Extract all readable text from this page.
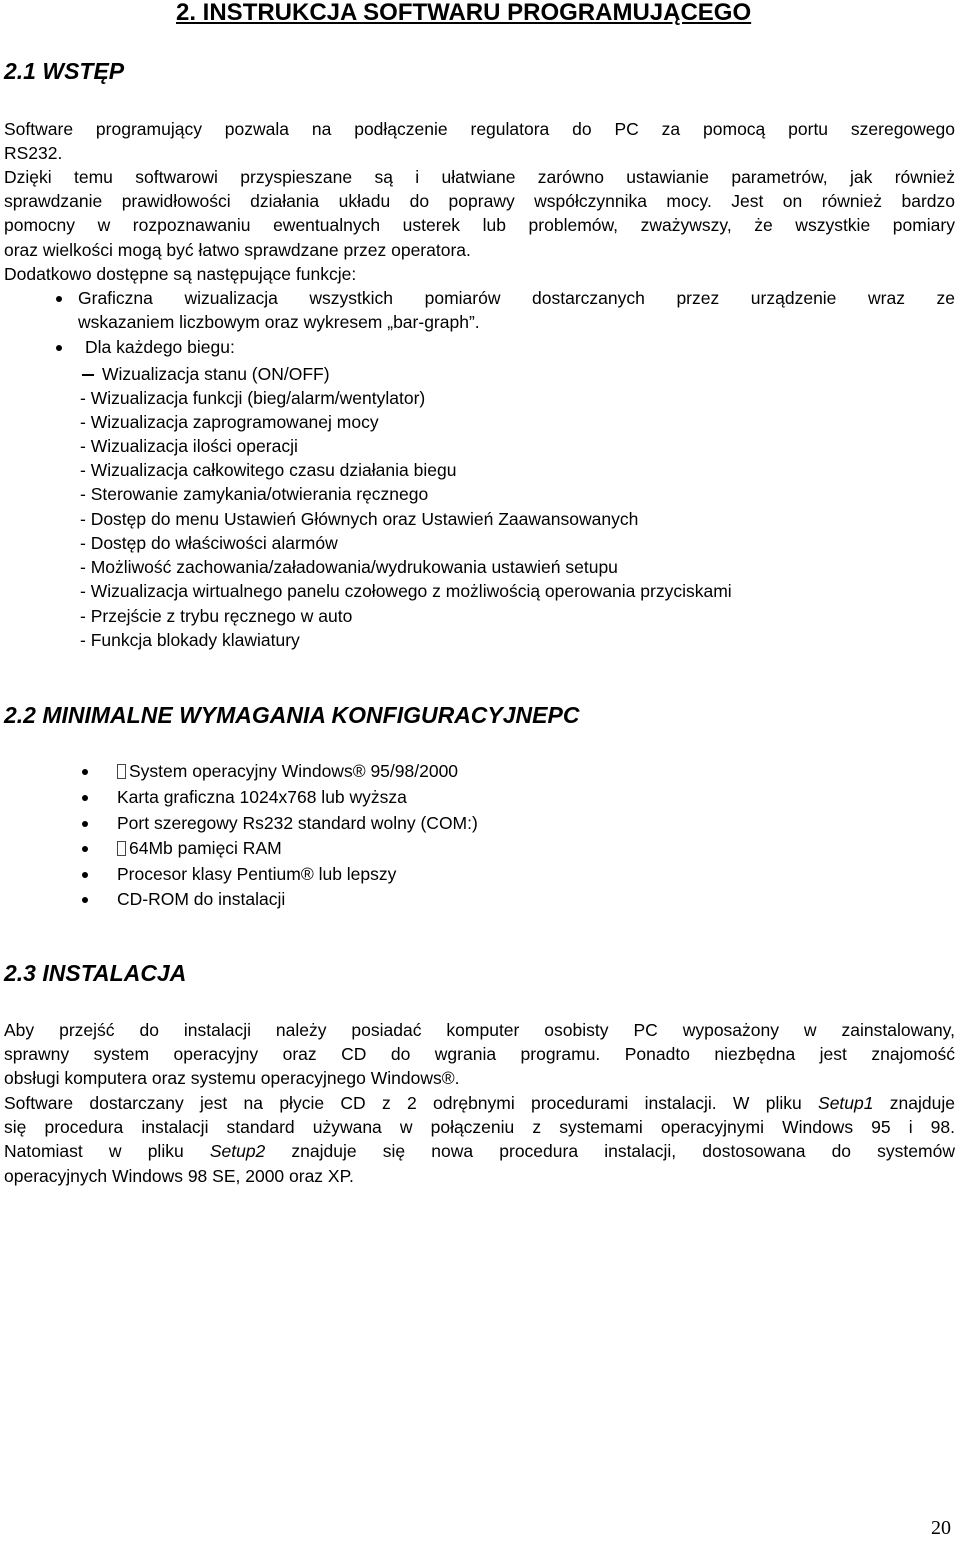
2. INSTRUKCJA SOFTWARU PROGRAMUJĄCEGO
2.1 WSTĘP
Software programujący pozwala na podłączenie regulatora do PC za pomocą portu szeregowego
RS232.
Dzięki temu softwarowi przyspieszane są i ułatwiane zarówno ustawianie parametrów, jak również
sprawdzanie prawidłowości działania układu do poprawy współczynnika mocy. Jest on również bardzo
pomocny w rozpoznawaniu ewentualnych usterek lub problemów, zważywszy, że wszystkie pomiary
oraz wielkości mogą być łatwo sprawdzane przez operatora.
Dodatkowo dostępne są następujące funkcje:
Graficzna wizualizacja wszystkich pomiarów dostarczanych przez urządzenie wraz ze
wskazaniem liczbowym oraz wykresem „bar-graph”.
Dla każdego biegu:
Wizualizacja stanu (ON/OFF)
- Wizualizacja funkcji (bieg/alarm/wentylator)
- Wizualizacja zaprogramowanej mocy
- Wizualizacja ilości operacji
- Wizualizacja całkowitego czasu działania biegu
- Sterowanie zamykania/otwierania ręcznego
- Dostęp do menu Ustawień Głównych oraz Ustawień Zaawansowanych
- Dostęp do właściwości alarmów
- Możliwość zachowania/załadowania/wydrukowania ustawień setupu
- Wizualizacja wirtualnego panelu czołowego z możliwością operowania przyciskami
- Przejście z trybu ręcznego w auto
- Funkcja blokady klawiatury
2.2 MINIMALNE WYMAGANIA KONFIGURACYJNEPC
System operacyjny Windows® 95/98/2000
Karta graficzna 1024x768 lub wyższa
Port szeregowy Rs232 standard wolny (COM:)
64Mb pamięci RAM
Procesor klasy Pentium® lub lepszy
CD-ROM do instalacji
2.3 INSTALACJA
Aby przejść do instalacji należy posiadać komputer osobisty PC wyposażony w zainstalowany,
sprawny system operacyjny oraz CD do wgrania programu. Ponadto niezbędna jest znajomość
obsługi komputera oraz systemu operacyjnego Windows®.
Software dostarczany jest na płycie CD z 2 odrębnymi procedurami instalacji. W pliku Setup1 znajduje
się procedura instalacji standard używana w połączeniu z systemami operacyjnymi Windows 95 i 98.
Natomiast w pliku Setup2 znajduje się nowa procedura instalacji, dostosowana do systemów
operacyjnych Windows 98 SE, 2000 oraz XP.
20
